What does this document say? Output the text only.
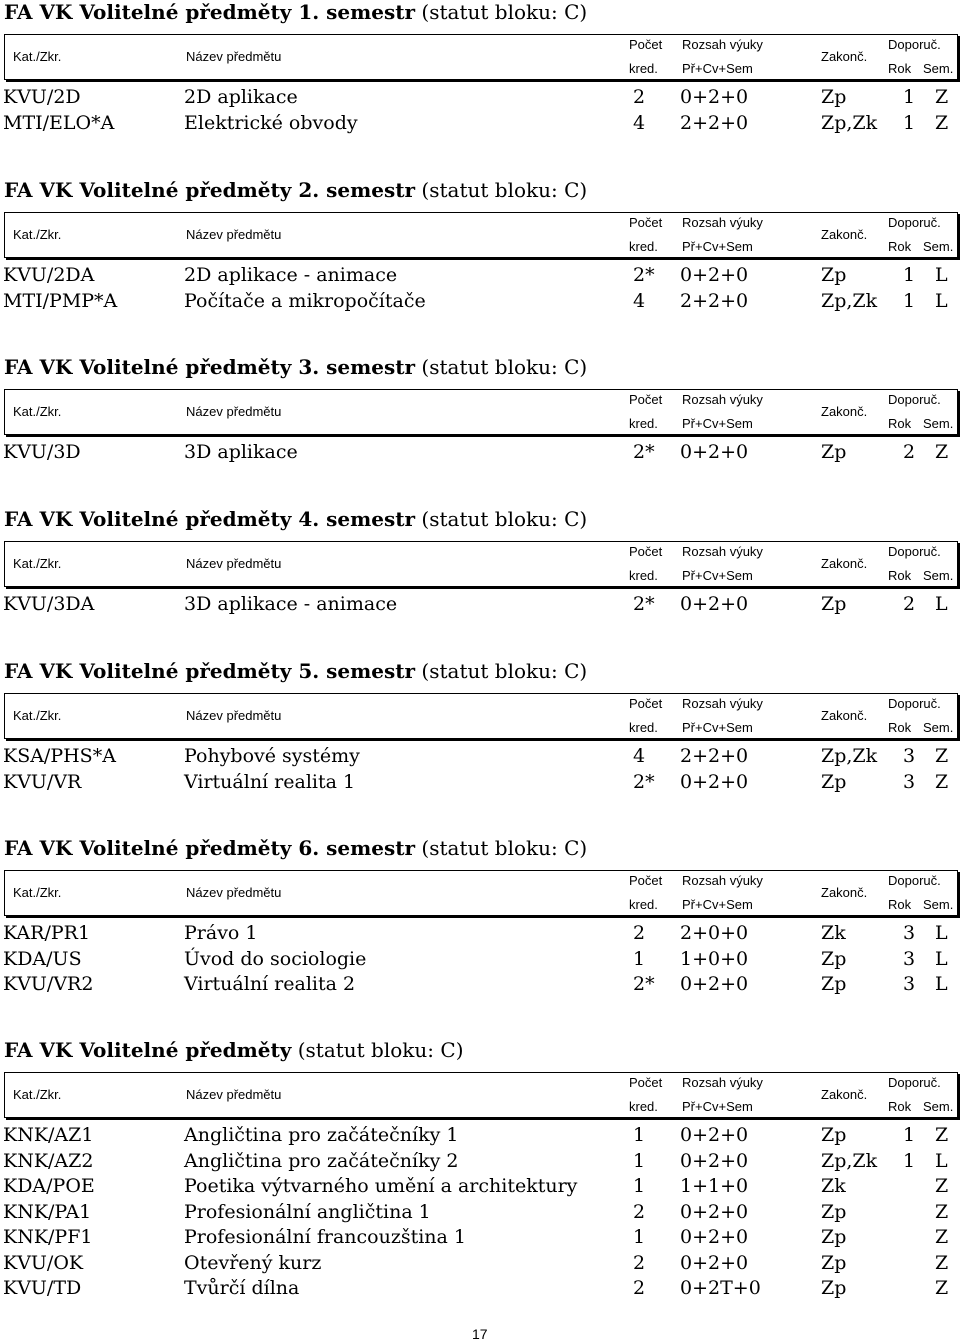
FA VK Volitelné předměty 1. semestr (statut bloku: C)
Kat./Zkr.	Název předmětu
Počet
kred.
Rozsah výuky
Př+Cv+Sem
Zakonč.
Doporuč.
Rok Sem.
KVU/2D	2D aplikace	2 0+2+0	Zp	1 Z
MTI/ELO*A	Elektrické obvody	4 2+2+0	Zp,Zk 1 Z
FA VK Volitelné předměty 2. semestr (statut bloku: C)
Kat./Zkr.	Název předmětu
Počet
kred.
Rozsah výuky
Př+Cv+Sem
Zakonč.
Doporuč.
Rok Sem.
KVU/2DA	2D aplikace - animace	2* 0+2+0	Zp	1 L
MTI/PMP*A	Počítače a mikropočítače	4 2+2+0	Zp,Zk 1 L
FA VK Volitelné předměty 3. semestr (statut bloku: C)
Kat./Zkr.	Název předmětu
Počet
kred.
Rozsah výuky
Př+Cv+Sem
Zakonč.
Doporuč.
Rok Sem.
KVU/3D	3D aplikace	2* 0+2+0	Zp	2 Z
FA VK Volitelné předměty 4. semestr (statut bloku: C)
Kat./Zkr.	Název předmětu
Počet
kred.
Rozsah výuky
Př+Cv+Sem
Zakonč.
Doporuč.
Rok Sem.
KVU/3DA	3D aplikace - animace	2* 0+2+0	Zp	2 L
FA VK Volitelné předměty 5. semestr (statut bloku: C)
Kat./Zkr.	Název předmětu
Počet
kred.
Rozsah výuky
Př+Cv+Sem
Zakonč.
Doporuč.
Rok Sem.
KSA/PHS*A	Pohybové systémy	4 2+2+0	Zp,Zk 3 Z
KVU/VR	Virtuální realita 1	2* 0+2+0	Zp	3 Z
FA VK Volitelné předměty 6. semestr (statut bloku: C)
Kat./Zkr.	Název předmětu
Počet
kred.
Rozsah výuky
Př+Cv+Sem
Zakonč.
Doporuč.
Rok Sem.
KAR/PR1	Právo 1	2 2+0+0	Zk	3 L
KDA/US	Úvod do sociologie	1 1+0+0	Zp	3 L
KVU/VR2	Virtuální realita 2	2* 0+2+0	Zp	3 L
FA VK Volitelné předměty (statut bloku: C)
Kat./Zkr.	Název předmětu
Počet
kred.
Rozsah výuky
Př+Cv+Sem
Zakonč.
Doporuč.
Rok Sem.
KNK/AZ1	Angličtina pro začátečníky 1	1 0+2+0	Zp	1 Z
KNK/AZ2	Angličtina pro začátečníky 2	1 0+2+0	Zp,Zk 1 L
KDA/POE	Poetika výtvarného umění a architektury	1 1+1+0	Zk	Z
KNK/PA1	Profesionální angličtina 1	2 0+2+0	Zp	Z
KNK/PF1	Profesionální francouzština 1	1 0+2+0	Zp	Z
KVU/OK	Otevřený kurz	2 0+2+0	Zp	Z
KVU/TD	Tvůrčí dílna	2 0+2T+0	Zp	Z
17
